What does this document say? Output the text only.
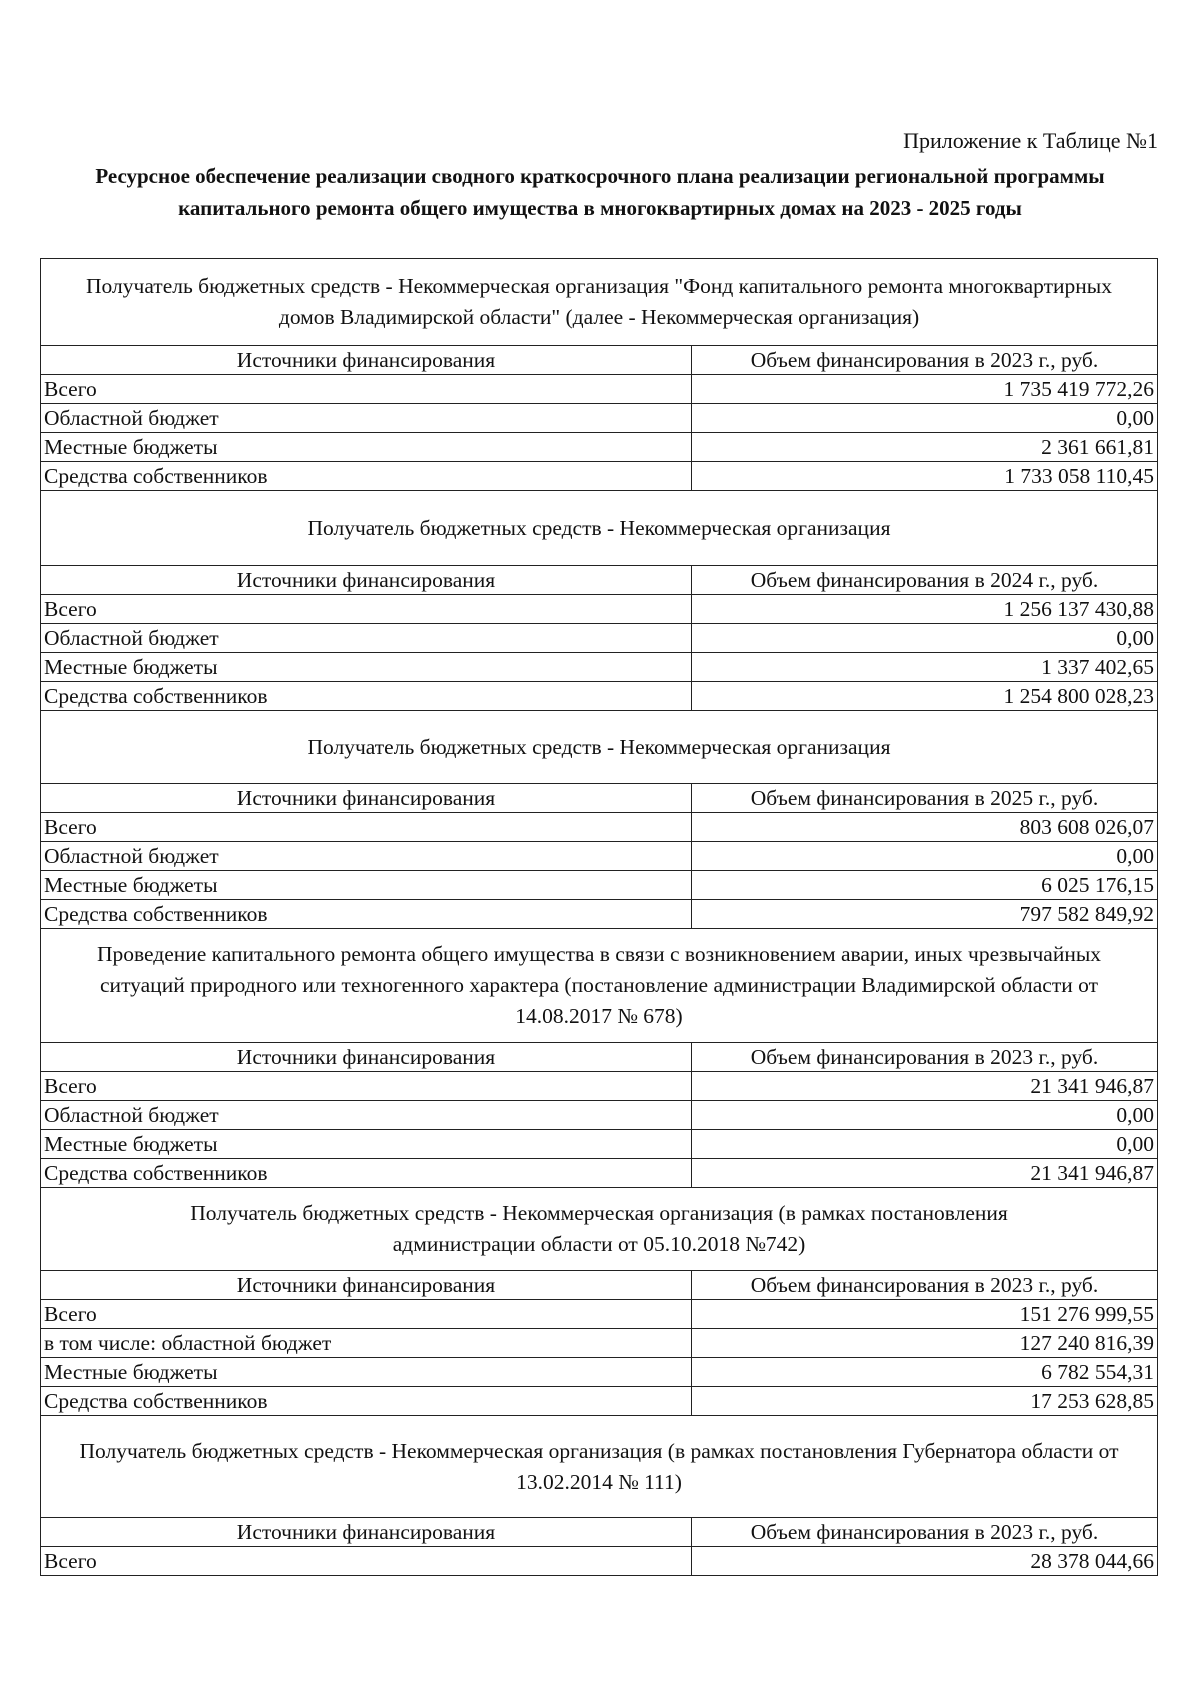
Приложение к Таблице №1
Ресурсное обеспечение реализации сводного краткосрочного плана реализации региональной программы капитального ремонта общего имущества в многоквартирных домах на 2023 - 2025 годы
Получатель бюджетных средств - Некоммерческая организация "Фонд капитального ремонта многоквартирных домов Владимирской области" (далее - Некоммерческая организация)	
Источники финансирования	Объем финансирования в 2023 г., руб.
Всего	1 735 419 772,26
Областной бюджет	0,00
Местные бюджеты	2 361 661,81
Средства собственников	1 733 058 110,45
Получатель бюджетных средств - Некоммерческая организация	
Источники финансирования	Объем финансирования в 2024 г., руб.
Всего	1 256 137 430,88
Областной бюджет	0,00
Местные бюджеты	1 337 402,65
Средства собственников	1 254 800 028,23
Получатель бюджетных средств - Некоммерческая организация	
Источники финансирования	Объем финансирования в 2025 г., руб.
Всего	803 608 026,07
Областной бюджет	0,00
Местные бюджеты	6 025 176,15
Средства собственников	797 582 849,92
Проведение капитального ремонта общего имущества в связи с возникновением аварии, иных чрезвычайных ситуаций природного или техногенного характера (постановление администрации Владимирской области от 14.08.2017 № 678)	
Источники финансирования	Объем финансирования в 2023 г., руб.
Всего	21 341 946,87
Областной бюджет	0,00
Местные бюджеты	0,00
Средства собственников	21 341 946,87
Получатель бюджетных средств - Некоммерческая организация (в рамках постановления администрации области от 05.10.2018 №742)	
Источники финансирования	Объем финансирования в 2023 г., руб.
Всего	151 276 999,55
в том числе: областной бюджет	127 240 816,39
Местные бюджеты	6 782 554,31
Средства собственников	17 253 628,85
Получатель бюджетных средств - Некоммерческая организация (в рамках постановления Губернатора области от 13.02.2014 № 111)	
Источники финансирования	Объем финансирования в 2023 г., руб.
Всего	28 378 044,66
